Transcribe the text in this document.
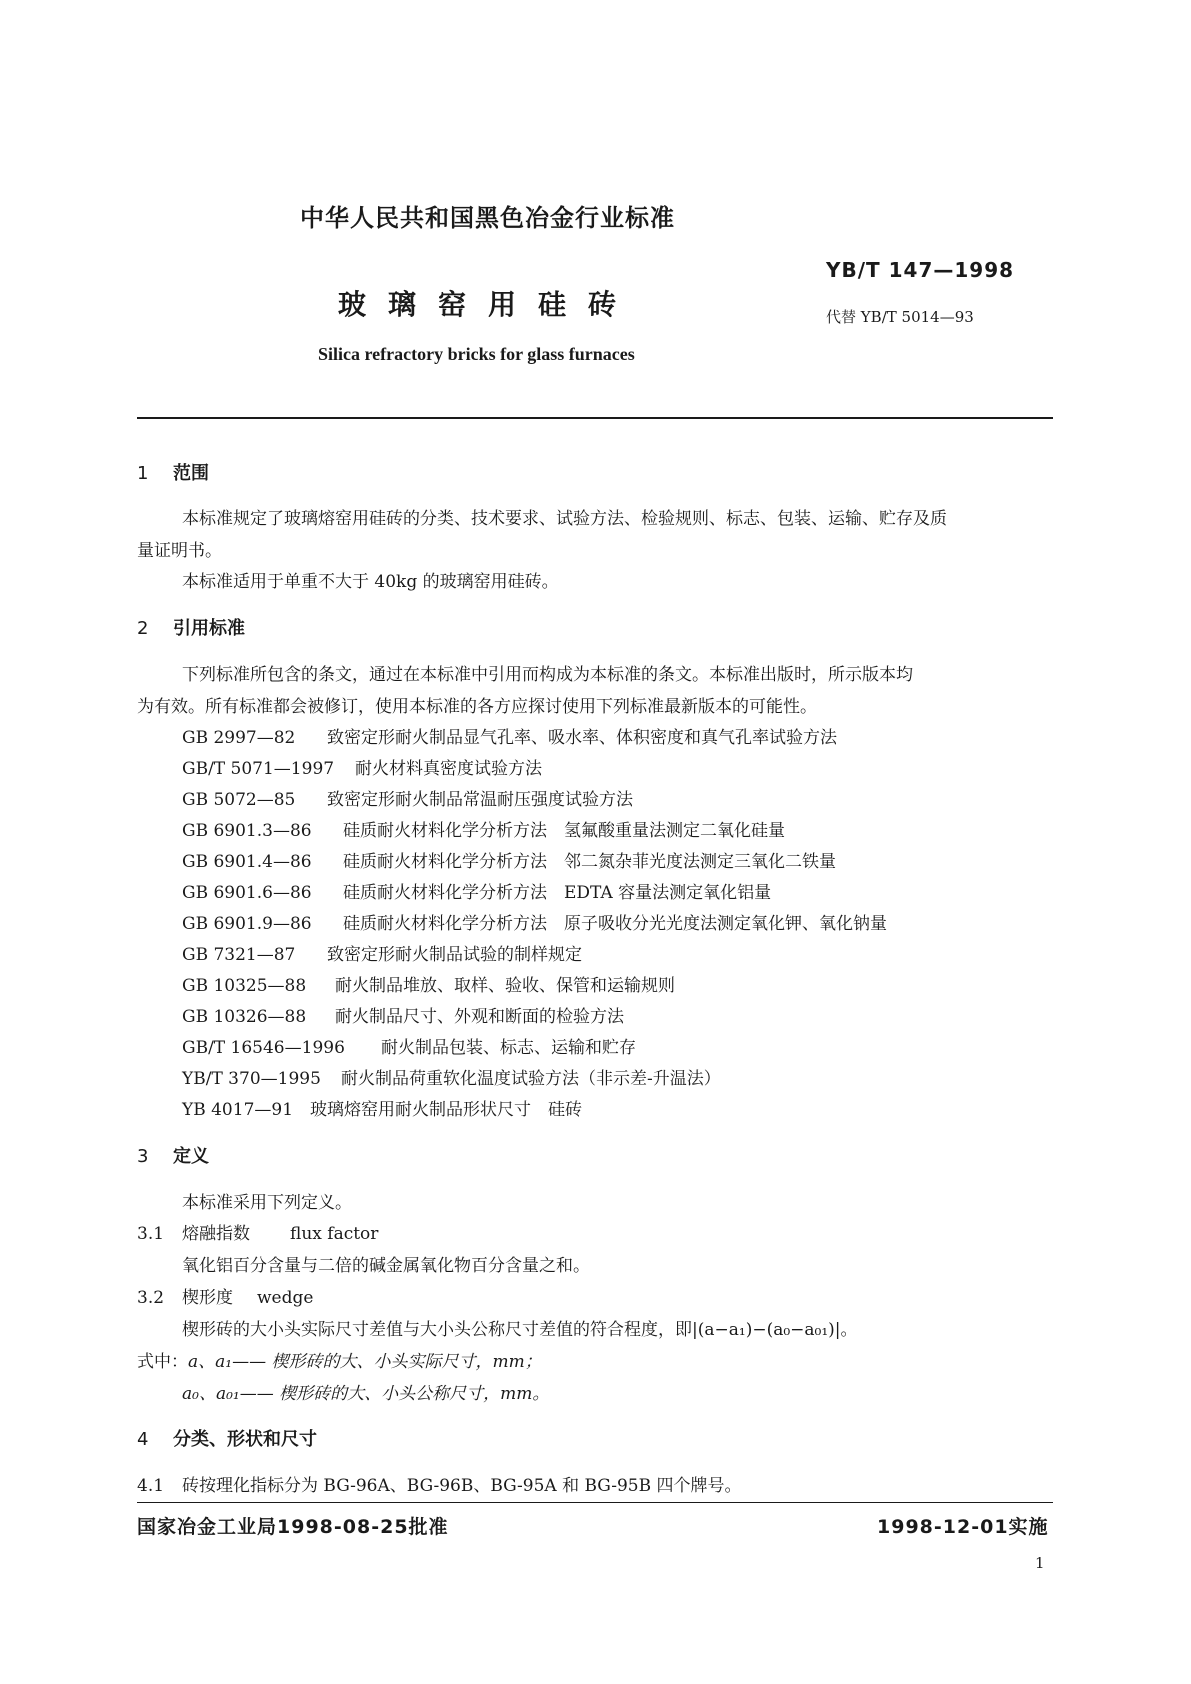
中华人民共和国黑色冶金行业标准
YB/T 147—1998
玻璃窑用硅砖	代替 YB/T 5014—93
Silica refractory bricks for glass furnaces
1 范围
本标准规定了玻璃熔窑用硅砖的分类、技术要求、试验方法、检验规则、标志、包装、运输、贮存及质
量证明书。
本标准适用于单重不大于 40kg 的玻璃窑用硅砖。
2 引用标准
下列标准所包含的条文，通过在本标准中引用而构成为本标准的条文。本标准出版时，所示版本均
为有效。所有标准都会被修订，使用本标准的各方应探讨使用下列标准最新版本的可能性。
GB 2997—82 致密定形耐火制品显气孔率、吸水率、体积密度和真气孔率试验方法
GB/T 5071—1997 耐火材料真密度试验方法
GB 5072—85 致密定形耐火制品常温耐压强度试验方法
GB 6901.3—86 硅质耐火材料化学分析方法　氢氟酸重量法测定二氧化硅量
GB 6901.4—86 硅质耐火材料化学分析方法　邻二氮杂菲光度法测定三氧化二铁量
GB 6901.6—86 硅质耐火材料化学分析方法　EDTA 容量法测定氧化铝量
GB 6901.9—86 硅质耐火材料化学分析方法　原子吸收分光光度法测定氧化钾、氧化钠量
GB 7321—87 致密定形耐火制品试验的制样规定
GB 10325—88 耐火制品堆放、取样、验收、保管和运输规则
GB 10326—88 耐火制品尺寸、外观和断面的检验方法
GB/T 16546—1996 耐火制品包装、标志、运输和贮存
YB/T 370—1995 耐火制品荷重软化温度试验方法（非示差-升温法）
YB 4017—91 玻璃熔窑用耐火制品形状尺寸　硅砖
3 定义
本标准采用下列定义。
3.1 熔融指数 flux factor
氧化铝百分含量与二倍的碱金属氧化物百分含量之和。
3.2 楔形度 wedge
楔形砖的大小头实际尺寸差值与大小头公称尺寸差值的符合程度，即|(a−a₁)−(a₀−a₀₁)|。
式中：a、a₁—— 楔形砖的大、小头实际尺寸，mm；
a₀、a₀₁—— 楔形砖的大、小头公称尺寸，mm。
4 分类、形状和尺寸
4.1 砖按理化指标分为 BG-96A、BG-96B、BG-95A 和 BG-95B 四个牌号。
国家冶金工业局1998-08-25批准	1998-12-01实施
1
